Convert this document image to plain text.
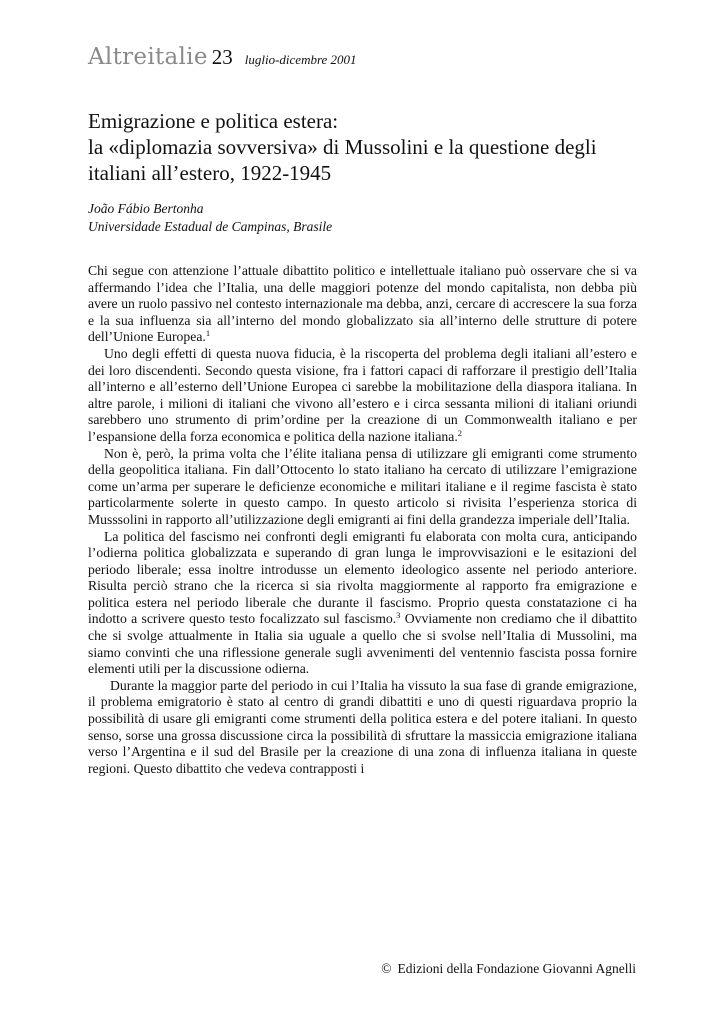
Altreitalie 23 luglio-dicembre 2001
Emigrazione e politica estera:
la «diplomazia sovversiva» di Mussolini e la questione degli
italiani all’estero, 1922-1945
João Fábio Bertonha
Universidade Estadual de Campinas, Brasile

Chi segue con attenzione l’attuale dibattito politico e intellettuale italiano può osservare che si va affermando l’idea che l’Italia, una delle maggiori potenze del mondo capitalista, non debba più avere un ruolo passivo nel contesto internazionale ma debba, anzi, cercare di accrescere la sua forza e la sua influenza sia all’interno del mondo globalizzato sia all’interno delle strutture di potere dell’Unione Europea.$^1$

Uno degli effetti di questa nuova fiducia, è la riscoperta del problema degli italiani all’estero e dei loro discendenti. Secondo questa visione, fra i fattori capaci di rafforzare il prestigio dell’Italia all’interno e all’esterno dell’Unione Europea ci sarebbe la mobilitazione della diaspora italiana. In altre parole, i milioni di italiani che vivono all’estero e i circa sessanta milioni di italiani oriundi sarebbero uno strumento di prim’ordine per la creazione di un Commonwealth italiano e per l’espansione della forza economica e politica della nazione italiana.$^2$

Non è, però, la prima volta che l’élite italiana pensa di utilizzare gli emigranti come strumento della geopolitica italiana. Fin dall’Ottocento lo stato italiano ha cercato di utilizzare l’emigrazione come un’arma per superare le deficienze economiche e militari italiane e il regime fascista è stato particolarmente solerte in questo campo. In questo articolo si rivisita l’esperienza storica di Musssolini in rapporto all’utilizzazione degli emigranti ai fini della grandezza imperiale dell’Italia.

La politica del fascismo nei confronti degli emigranti fu elaborata con molta cura, anticipando l’odierna politica globalizzata e superando di gran lunga le improvvisazioni e le esitazioni del periodo liberale; essa inoltre introdusse un elemento ideologico assente nel periodo anteriore. Risulta perciò strano che la ricerca si sia rivolta maggiormente al rapporto fra emigrazione e politica estera nel periodo liberale che durante il fascismo. Proprio questa constatazione ci ha indotto a scrivere questo testo focalizzato sul fascismo.$^3$ Ovviamente non crediamo che il dibattito che si svolge attualmente in Italia sia uguale a quello che si svolse nell’Italia di Mussolini, ma siamo convinti che una riflessione generale sugli avvenimenti del ventennio fascista possa fornire elementi utili per la discussione odierna.

Durante la maggior parte del periodo in cui l’Italia ha vissuto la sua fase di grande emigrazione, il problema emigratorio è stato al centro di grandi dibattiti e uno di questi riguardava proprio la possibilità di usare gli emigranti come strumenti della politica estera e del potere italiani. In questo senso, sorse una grossa discussione circa la possibilità di sfruttare la massiccia emigrazione italiana verso l’Argentina e il sud del Brasile per la creazione di una zona di influenza italiana in queste regioni. Questo dibattito che vedeva contrapposti i

© Edizioni della Fondazione Giovanni Agnelli
